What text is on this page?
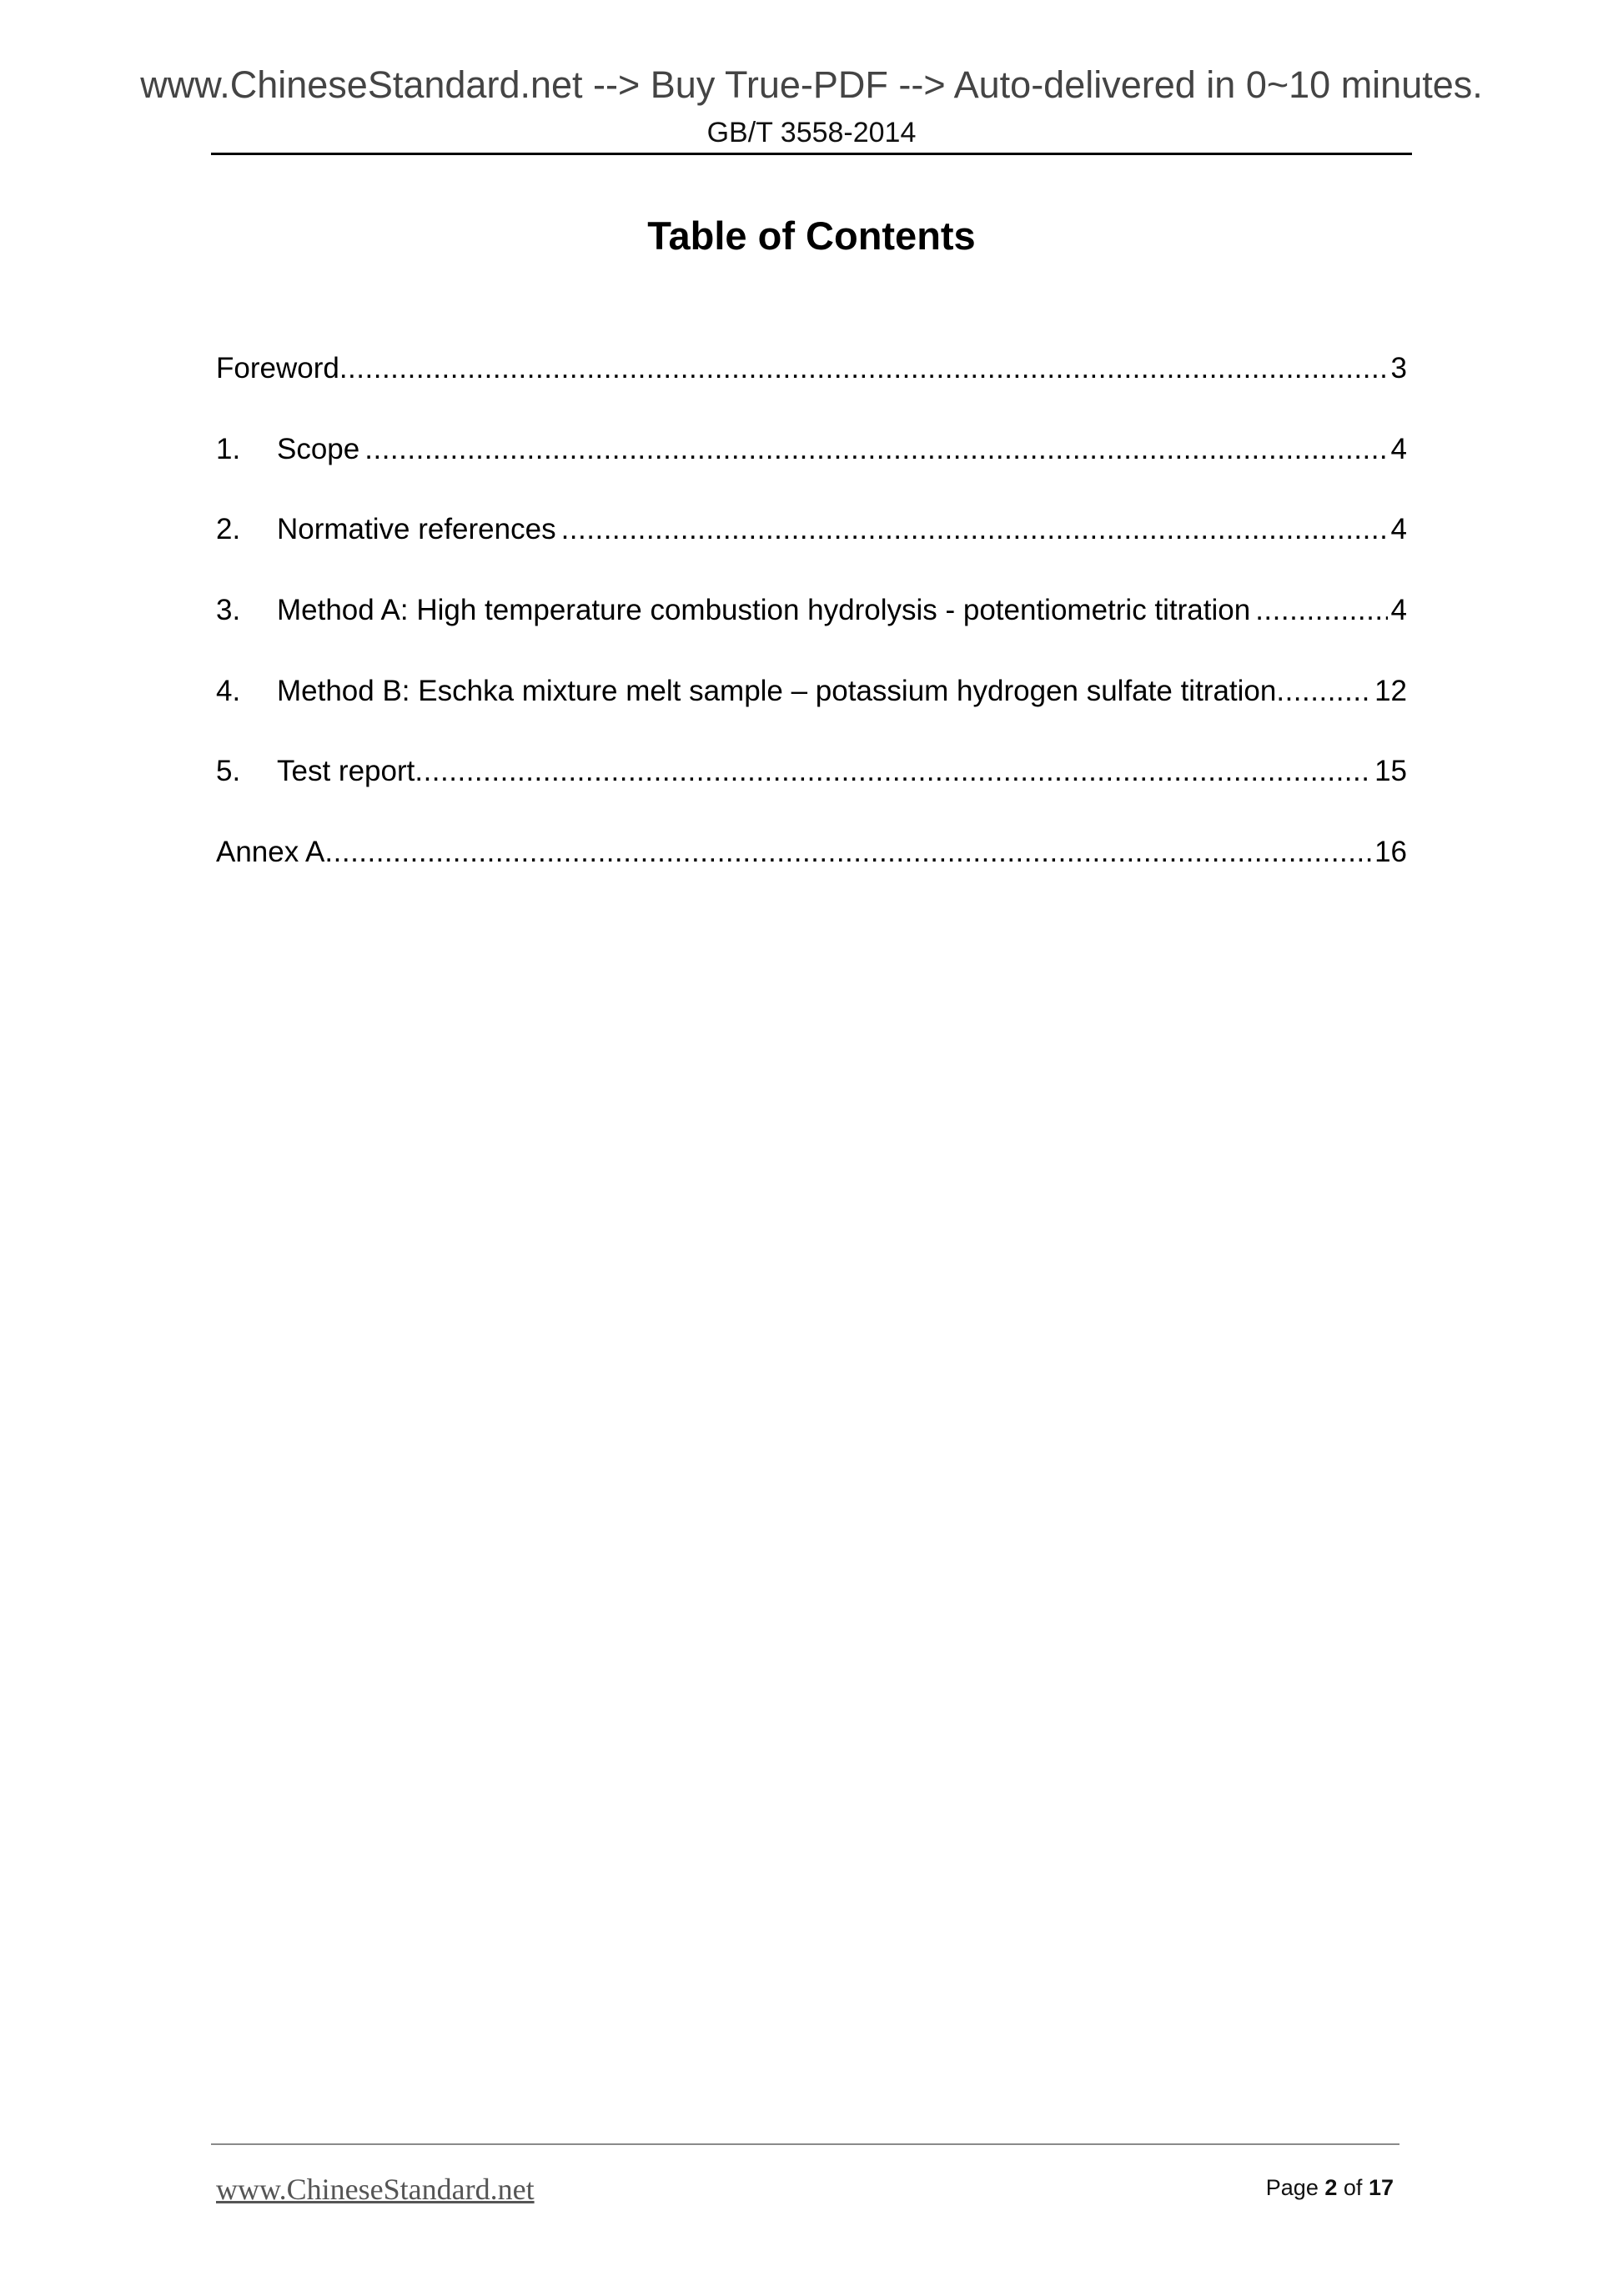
www.ChineseStandard.net --> Buy True-PDF --> Auto-delivered in 0~10 minutes.
GB/T 3558-2014
Table of Contents
Foreword .....	3
1.	Scope .....	4
2.	Normative references .....	4
3.	Method A: High temperature combustion hydrolysis - potentiometric titration .....	4
4.	Method B: Eschka mixture melt sample – potassium hydrogen sulfate titration .....	12
5.	Test report .....	15
Annex A .....	16
www.ChineseStandard.net	Page 2 of 17
